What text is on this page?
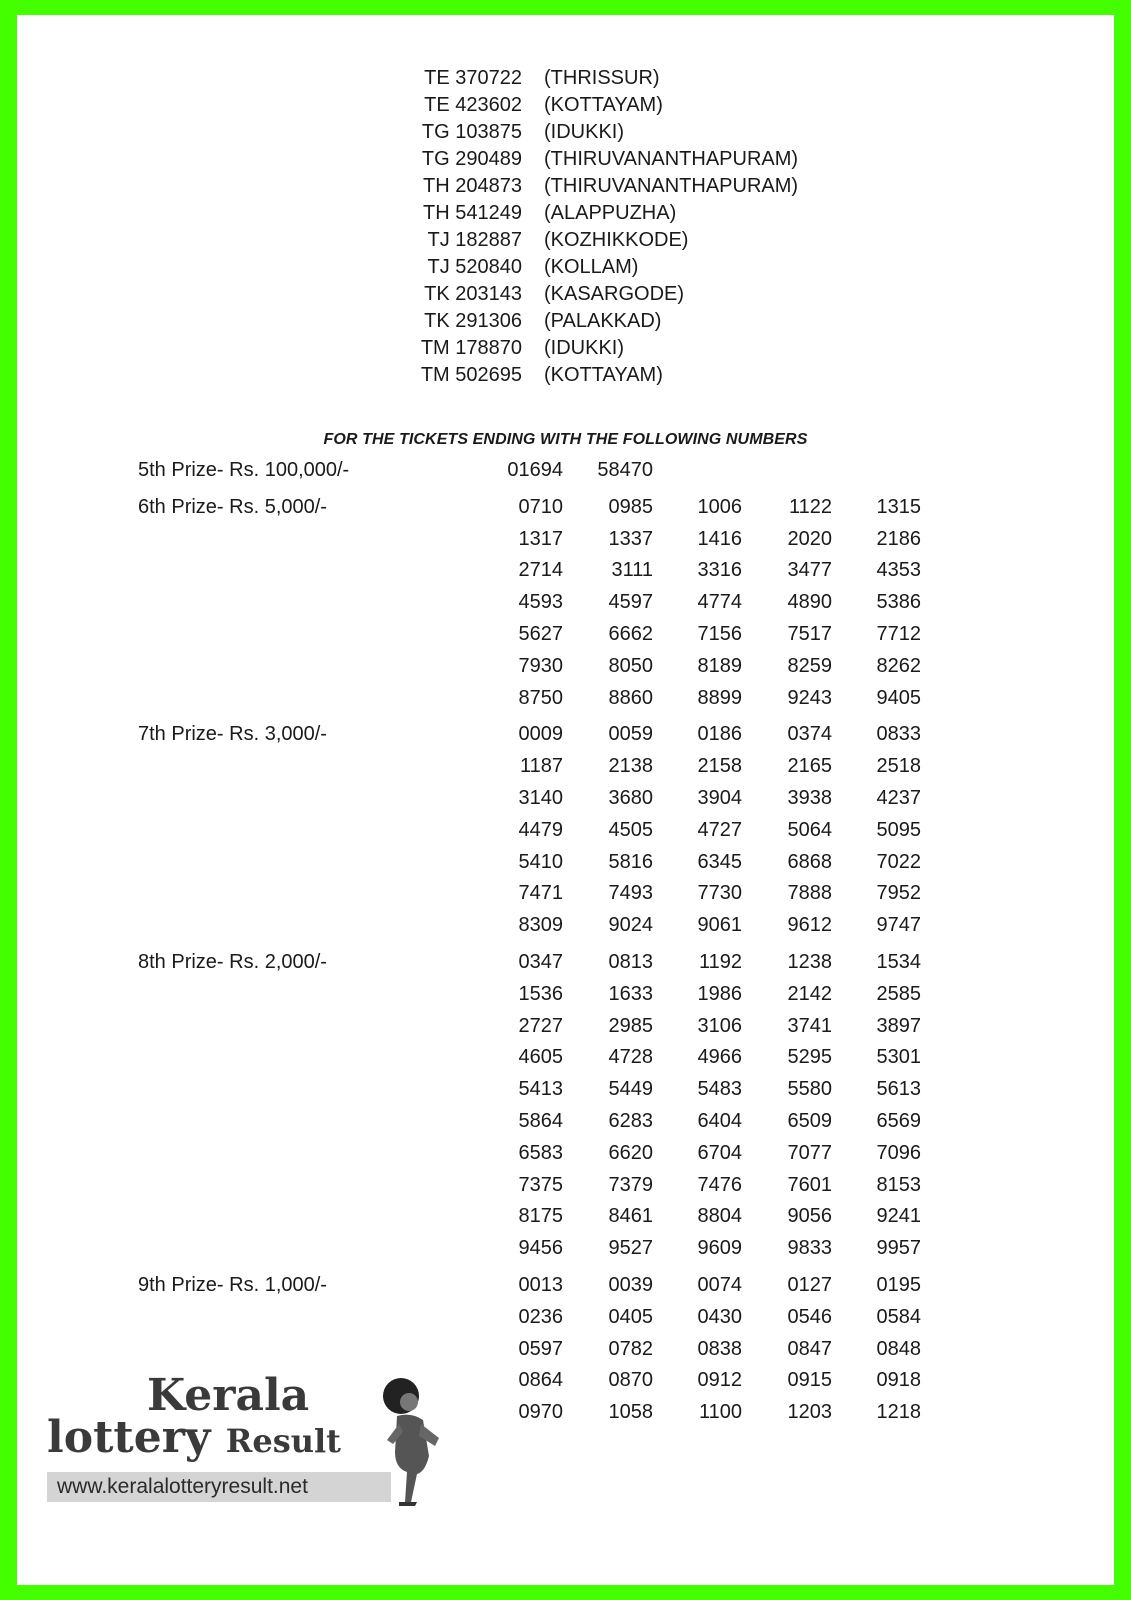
TE 370722 (THRISSUR)
TE 423602 (KOTTAYAM)
TG 103875 (IDUKKI)
TG 290489 (THIRUVANANTHAPURAM)
TH 204873 (THIRUVANANTHAPURAM)
TH 541249 (ALAPPUZHA)
TJ 182887 (KOZHIKKODE)
TJ 520840 (KOLLAM)
TK 203143 (KASARGODE)
TK 291306 (PALAKKAD)
TM 178870 (IDUKKI)
TM 502695 (KOTTAYAM)
FOR THE TICKETS ENDING WITH THE FOLLOWING NUMBERS
5th Prize- Rs. 100,000/-	01694	58470
6th Prize- Rs. 5,000/-	0710	0985	1006	1122	1315
1317	1337	1416	2020	2186
2714	3111	3316	3477	4353
4593	4597	4774	4890	5386
5627	6662	7156	7517	7712
7930	8050	8189	8259	8262
8750	8860	8899	9243	9405
7th Prize- Rs. 3,000/-	0009	0059	0186	0374	0833
1187	2138	2158	2165	2518
3140	3680	3904	3938	4237
4479	4505	4727	5064	5095
5410	5816	6345	6868	7022
7471	7493	7730	7888	7952
8309	9024	9061	9612	9747
8th Prize- Rs. 2,000/-	0347	0813	1192	1238	1534
1536	1633	1986	2142	2585
2727	2985	3106	3741	3897
4605	4728	4966	5295	5301
5413	5449	5483	5580	5613
5864	6283	6404	6509	6569
6583	6620	6704	7077	7096
7375	7379	7476	7601	8153
8175	8461	8804	9056	9241
9456	9527	9609	9833	9957
9th Prize- Rs. 1,000/-	0013	0039	0074	0127	0195
0236	0405	0430	0546	0584
0597	0782	0838	0847	0848
0864	0870	0912	0915	0918
0970	1058	1100	1203	1218
Kerala
lottery Result
www.keralalotteryresult.net
